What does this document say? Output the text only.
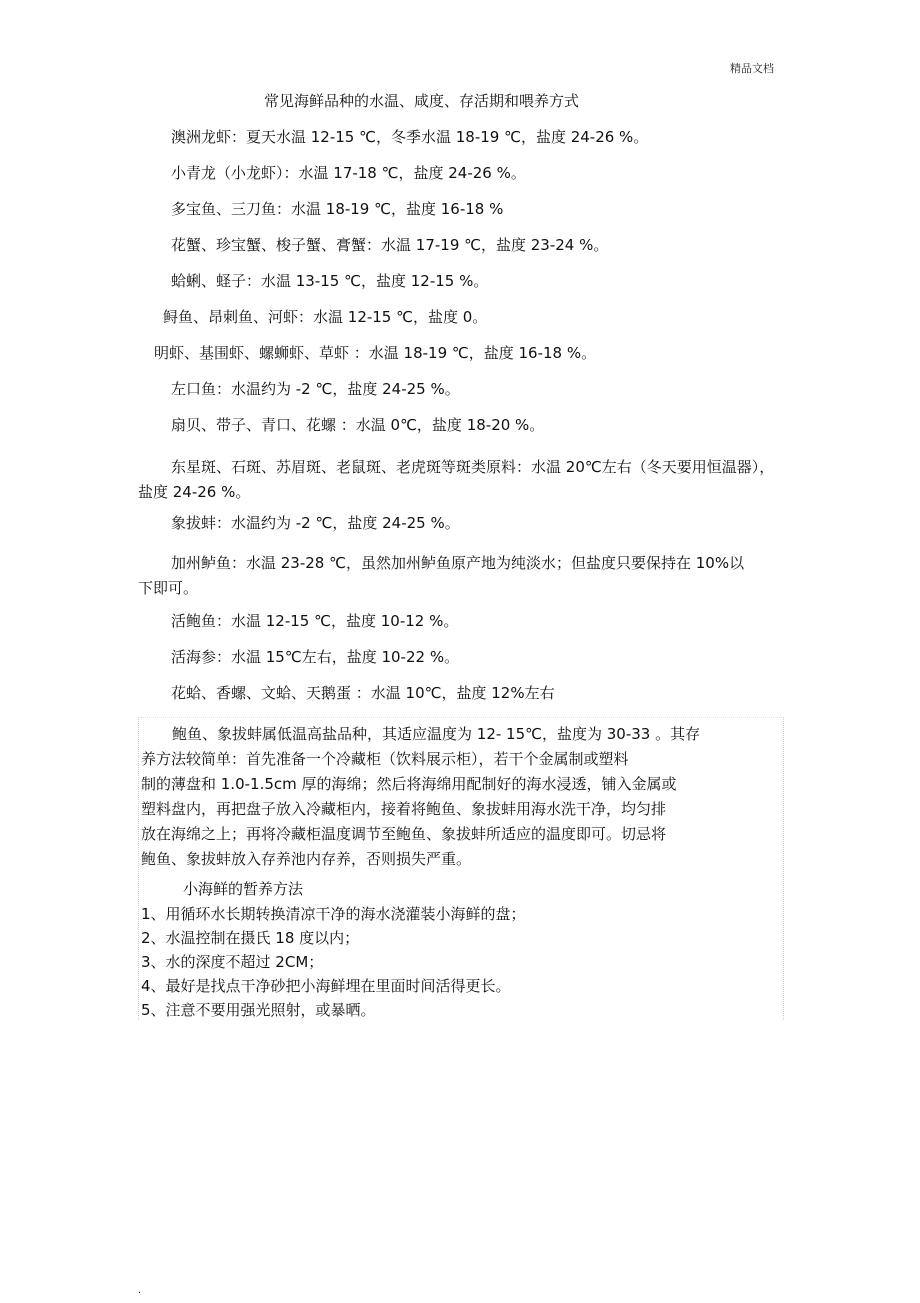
精品文档
常见海鲜品种的水温、咸度、存活期和喂养方式
澳洲龙虾：夏天水温 12-15 ℃，冬季水温 18-19 ℃，盐度 24-26 %。
小青龙（小龙虾）：水温 17-18 ℃，盐度 24-26 %。
多宝鱼、三刀鱼：水温 18-19 ℃，盐度 16-18 %
花蟹、珍宝蟹、梭子蟹、膏蟹：水温 17-19 ℃，盐度 23-24 %。
蛤蜊、蛏子：水温 13-15 ℃，盐度 12-15 %。
鲟鱼、昂刺鱼、河虾：水温 12-15 ℃，盐度 0。
明虾、基围虾、螺蛳虾、草虾 ：水温 18-19 ℃，盐度 16-18 %。
左口鱼：水温约为 -2 ℃，盐度 24-25 %。
扇贝、带子、青口、花螺 ：水温 0℃，盐度 18-20 %。
东星斑、石斑、苏眉斑、老鼠斑、老虎斑等斑类原料：水温 20℃左右（冬天要用恒温器），盐度 24-26 %。
象拔蚌：水温约为 -2 ℃，盐度 24-25 %。
加州鲈鱼：水温 23-28 ℃，虽然加州鲈鱼原产地为纯淡水；但盐度只要保持在 10%以下即可。
活鲍鱼：水温 12-15 ℃，盐度 10-12 %。
活海参：水温 15℃左右，盐度 10-22 %。
花蛤、香螺、文蛤、天鹅蛋 ：水温 10℃，盐度 12%左右
鲍鱼、象拔蚌属低温高盐品种，其适应温度为 12- 15℃，盐度为 30-33 。其存
养方法较简单：首先准备一个冷藏柜（饮料展示柜），若干个金属制或塑料
制的薄盘和 1.0-1.5cm 厚的海绵；然后将海绵用配制好的海水浸透，铺入金属或
塑料盘内，再把盘子放入冷藏柜内，接着将鲍鱼、象拔蚌用海水洗干净，均匀排
放在海绵之上；再将冷藏柜温度调节至鲍鱼、象拔蚌所适应的温度即可。切忌将
鲍鱼、象拔蚌放入存养池内存养，否则损失严重。
小海鲜的暂养方法
1、用循环水长期转换清凉干净的海水浇灌装小海鲜的盘；
2、水温控制在摄氏 18 度以内；
3、水的深度不超过 2CM；
4、最好是找点干净砂把小海鲜埋在里面时间活得更长。
5、注意不要用强光照射，或暴晒。
.
